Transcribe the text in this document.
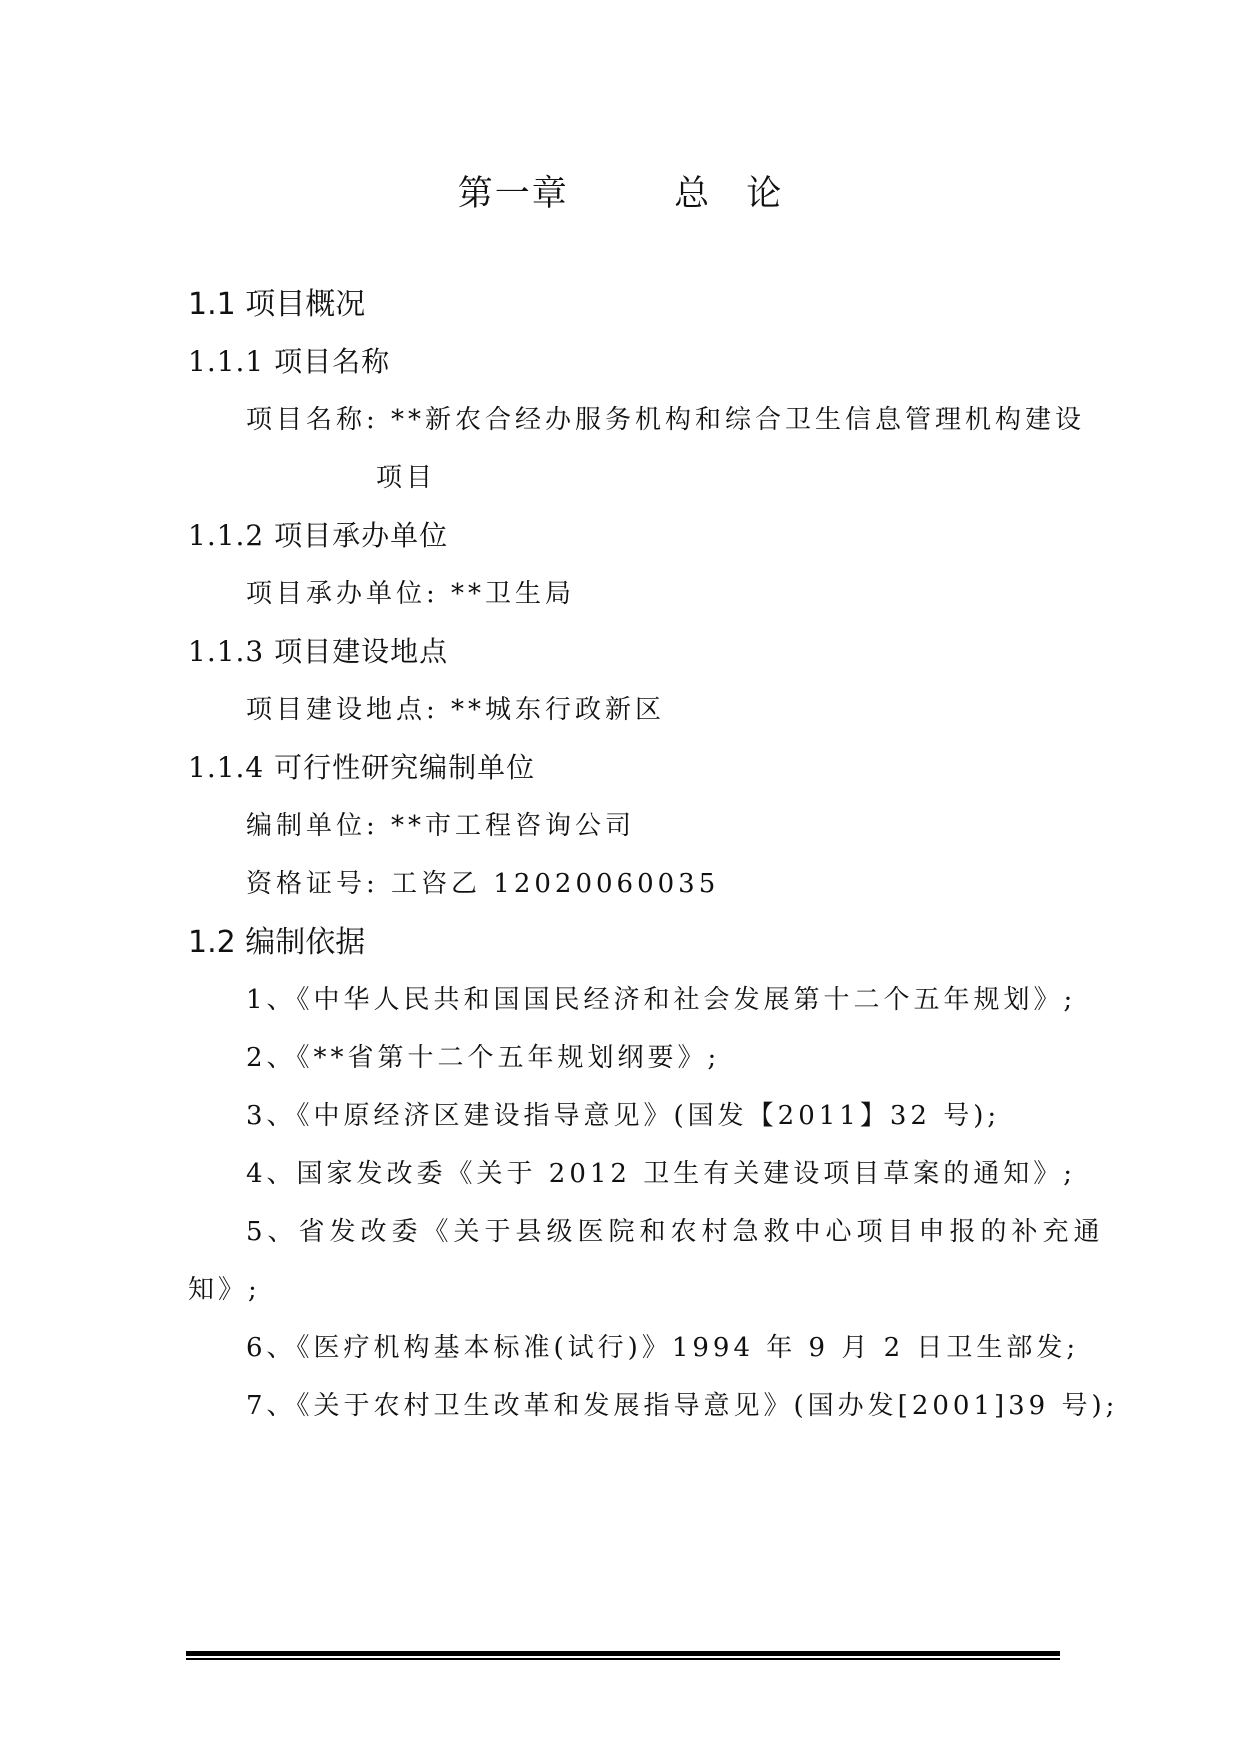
第一章   总 论
1.1 项目概况
1.1.1 项目名称
项目名称: **新农合经办服务机构和综合卫生信息管理机构建设
项目
1.1.2 项目承办单位
项目承办单位: **卫生局
1.1.3 项目建设地点
项目建设地点: **城东行政新区
1.1.4 可行性研究编制单位
编制单位: **市工程咨询公司
资格证号: 工咨乙 12020060035
1.2 编制依据
1、《中华人民共和国国民经济和社会发展第十二个五年规划》;
2、《**省第十二个五年规划纲要》;
3、《中原经济区建设指导意见》(国发【2011】32 号);
4、国家发改委《关于 2012 卫生有关建设项目草案的通知》;
5、省发改委《关于县级医院和农村急救中心项目申报的补充通
知》;
6、《医疗机构基本标准(试行)》1994 年 9 月 2 日卫生部发;
7、《关于农村卫生改革和发展指导意见》(国办发[2001]39 号);
